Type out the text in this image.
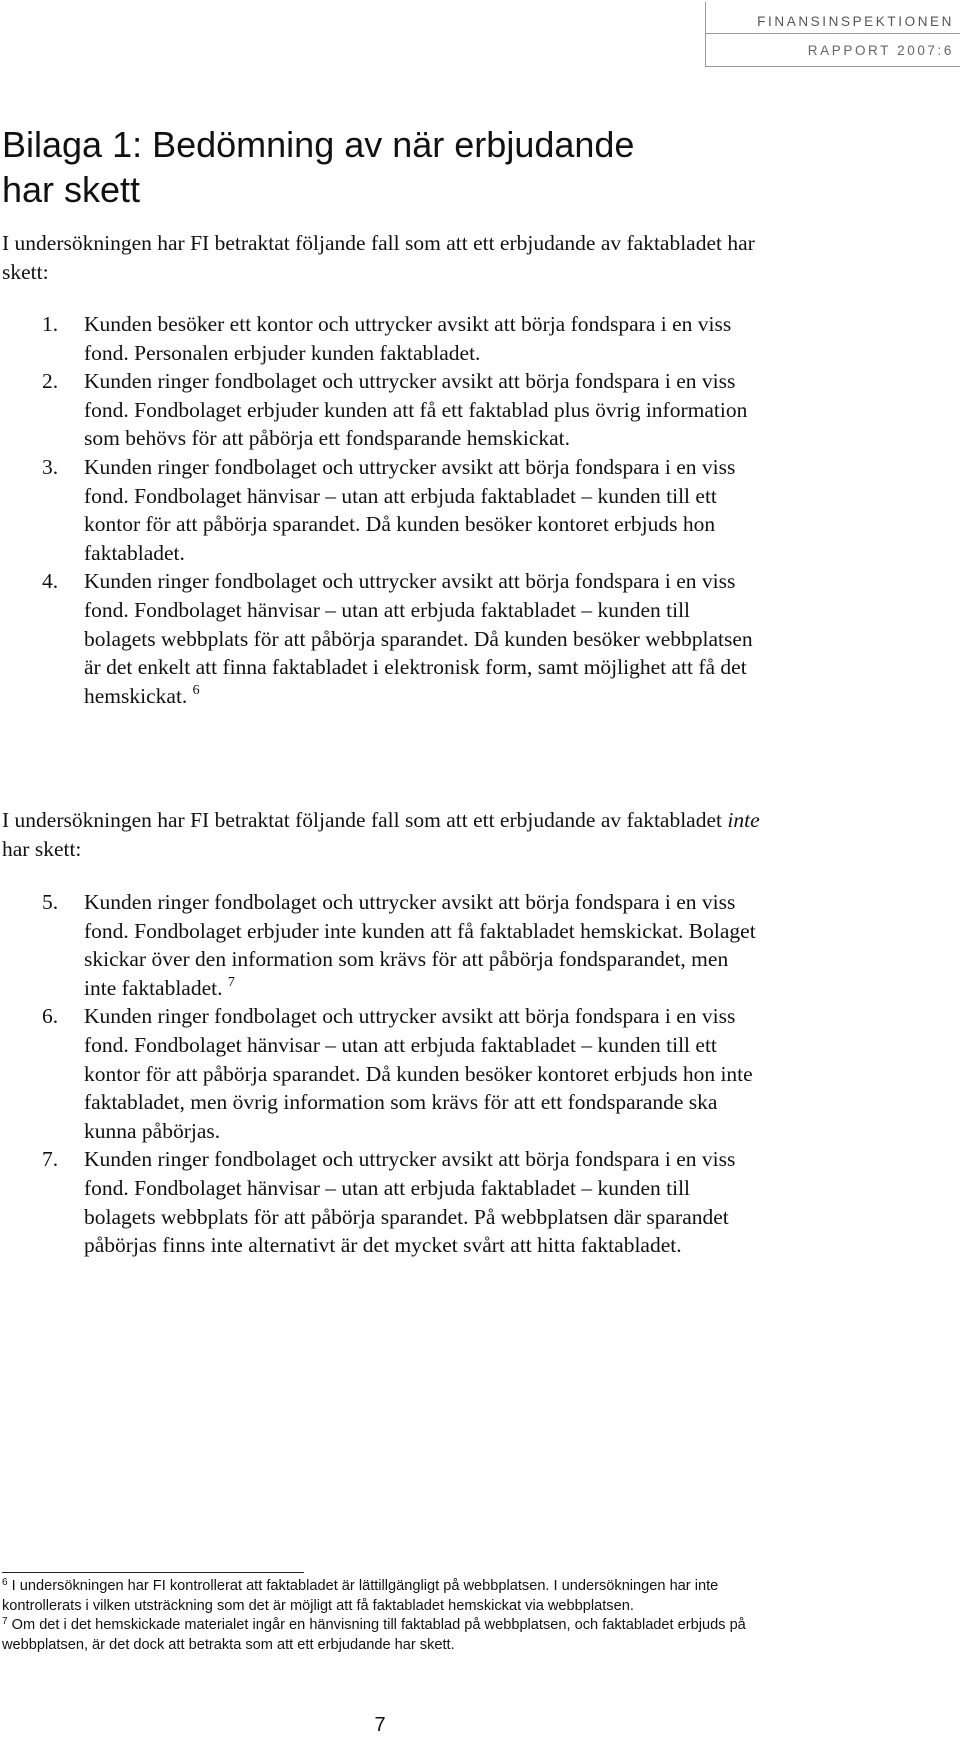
FINANSINSPEKTIONEN
RAPPORT 2007:6
Bilaga 1: Bedömning av när erbjudande
har skett

I undersökningen har FI betraktat följande fall som att ett erbjudande av faktabladet har skett:

1. Kunden besöker ett kontor och uttrycker avsikt att börja fondspara i en viss fond. Personalen erbjuder kunden faktabladet.
2. Kunden ringer fondbolaget och uttrycker avsikt att börja fondspara i en viss fond. Fondbolaget erbjuder kunden att få ett faktablad plus övrig information som behövs för att påbörja ett fondsparande hemskickat.
3. Kunden ringer fondbolaget och uttrycker avsikt att börja fondspara i en viss fond. Fondbolaget hänvisar – utan att erbjuda faktabladet – kunden till ett kontor för att påbörja sparandet. Då kunden besöker kontoret erbjuds hon faktabladet.
4. Kunden ringer fondbolaget och uttrycker avsikt att börja fondspara i en viss fond. Fondbolaget hänvisar – utan att erbjuda faktabladet – kunden till bolagets webbplats för att påbörja sparandet. Då kunden besöker webbplatsen är det enkelt att finna faktabladet i elektronisk form, samt möjlighet att få det hemskickat. $^6$

I undersökningen har FI betraktat följande fall som att ett erbjudande av faktabladet inte har skett:

5. Kunden ringer fondbolaget och uttrycker avsikt att börja fondspara i en viss fond. Fondbolaget erbjuder inte kunden att få faktabladet hemskickat. Bolaget skickar över den information som krävs för att påbörja fondsparandet, men inte faktabladet. $^7$
6. Kunden ringer fondbolaget och uttrycker avsikt att börja fondspara i en viss fond. Fondbolaget hänvisar – utan att erbjuda faktabladet – kunden till ett kontor för att påbörja sparandet. Då kunden besöker kontoret erbjuds hon inte faktabladet, men övrig information som krävs för att ett fondsparande ska kunna påbörjas.
7. Kunden ringer fondbolaget och uttrycker avsikt att börja fondspara i en viss fond. Fondbolaget hänvisar – utan att erbjuda faktabladet – kunden till bolagets webbplats för att påbörja sparandet. På webbplatsen där sparandet påbörjas finns inte alternativt är det mycket svårt att hitta faktabladet.

$^6$ I undersökningen har FI kontrollerat att faktabladet är lättillgängligt på webbplatsen. I undersökningen har inte kontrollerats i vilken utsträckning som det är möjligt att få faktabladet hemskickat via webbplatsen.

$^7$ Om det i det hemskickade materialet ingår en hänvisning till faktablad på webbplatsen, och faktabladet erbjuds på webbplatsen, är det dock att betrakta som att ett erbjudande har skett.

7
